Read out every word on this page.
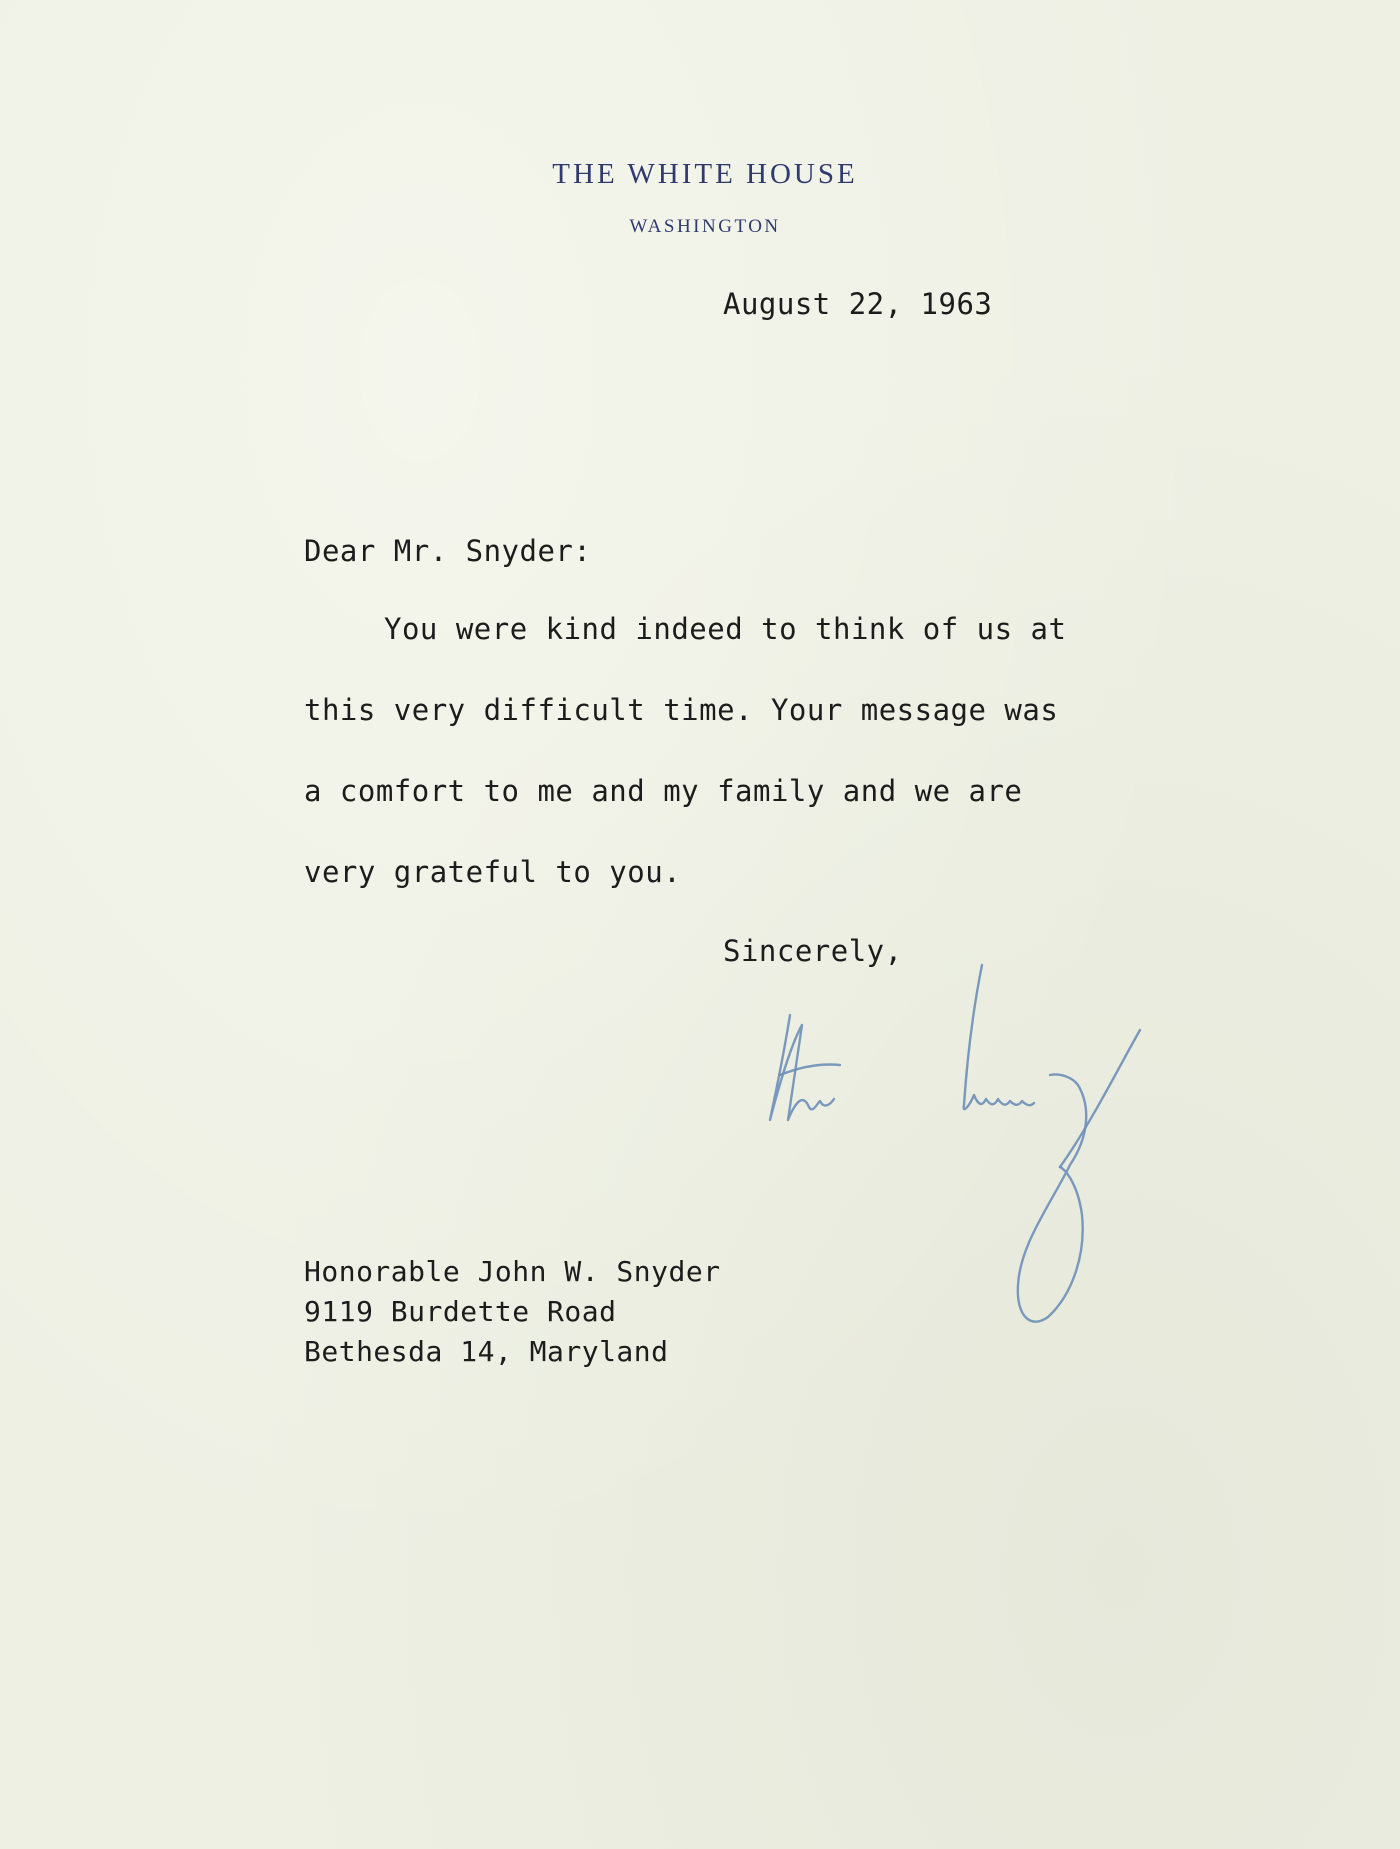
THE WHITE HOUSE
WASHINGTON
August 22, 1963
Dear Mr. Snyder:
You were kind indeed to think of us at
this very difficult time. Your message was
a comfort to me and my family and we are
very grateful to you.
Sincerely,
Honorable John W. Snyder
9119 Burdette Road
Bethesda 14, Maryland
